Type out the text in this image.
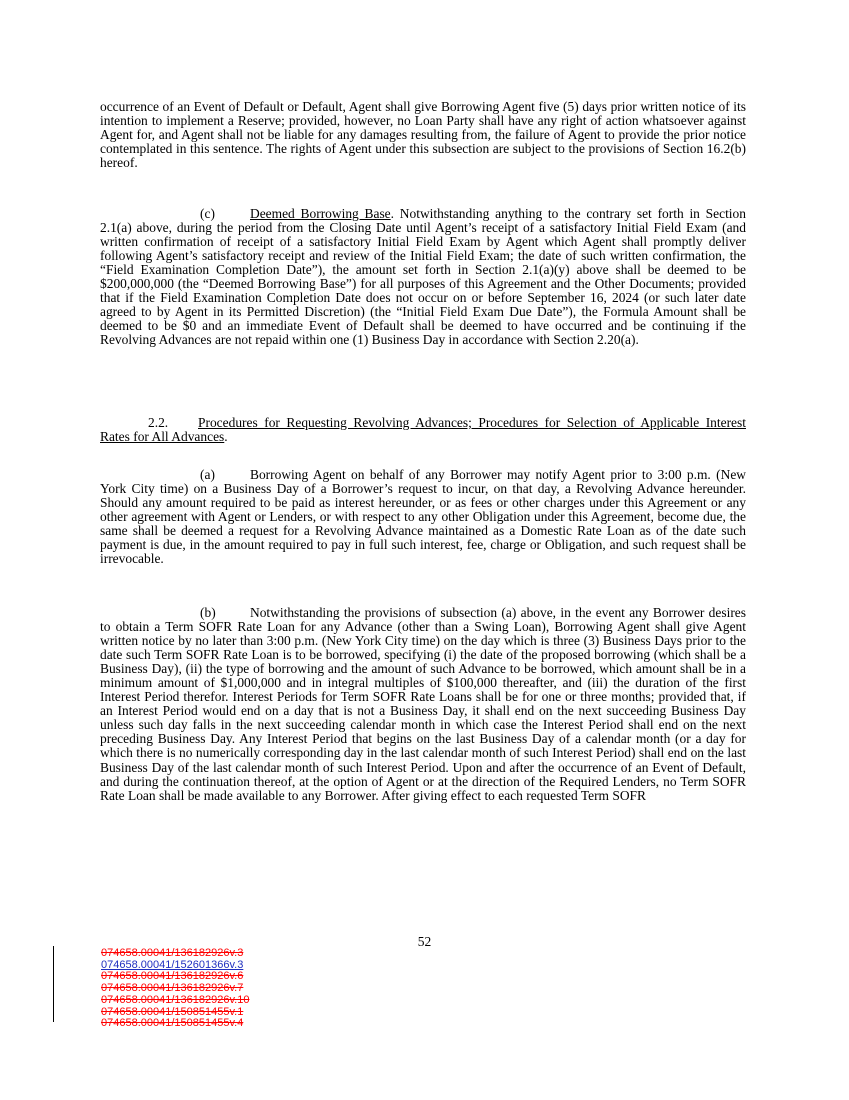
occurrence of an Event of Default or Default, Agent shall give Borrowing Agent five (5) days prior written notice of its intention to implement a Reserve; provided, however, no Loan Party shall have any right of action whatsoever against Agent for, and Agent shall not be liable for any damages resulting from, the failure of Agent to provide the prior notice contemplated in this sentence. The rights of Agent under this subsection are subject to the provisions of Section 16.2(b) hereof.

(c)	Deemed Borrowing Base. Notwithstanding anything to the contrary set forth in Section 2.1(a) above, during the period from the Closing Date until Agent’s receipt of a satisfactory Initial Field Exam (and written confirmation of receipt of a satisfactory Initial Field Exam by Agent which Agent shall promptly deliver following Agent’s satisfactory receipt and review of the Initial Field Exam; the date of such written confirmation, the “Field Examination Completion Date”), the amount set forth in Section 2.1(a)(y) above shall be deemed to be $200,000,000 (the “Deemed Borrowing Base”) for all purposes of this Agreement and the Other Documents; provided that if the Field Examination Completion Date does not occur on or before September 16, 2024 (or such later date agreed to by Agent in its Permitted Discretion) (the “Initial Field Exam Due Date”), the Formula Amount shall be deemed to be $0 and an immediate Event of Default shall be deemed to have occurred and be continuing if the Revolving Advances are not repaid within one (1) Business Day in accordance with Section 2.20(a).

2.2. Procedures for Requesting Revolving Advances; Procedures for Selection of Applicable Interest Rates for All Advances.

(a)	Borrowing Agent on behalf of any Borrower may notify Agent prior to 3:00 p.m. (New York City time) on a Business Day of a Borrower’s request to incur, on that day, a Revolving Advance hereunder. Should any amount required to be paid as interest hereunder, or as fees or other charges under this Agreement or any other agreement with Agent or Lenders, or with respect to any other Obligation under this Agreement, become due, the same shall be deemed a request for a Revolving Advance maintained as a Domestic Rate Loan as of the date such payment is due, in the amount required to pay in full such interest, fee, charge or Obligation, and such request shall be irrevocable.

(b)	Notwithstanding the provisions of subsection (a) above, in the event any Borrower desires to obtain a Term SOFR Rate Loan for any Advance (other than a Swing Loan), Borrowing Agent shall give Agent written notice by no later than 3:00 p.m. (New York City time) on the day which is three (3) Business Days prior to the date such Term SOFR Rate Loan is to be borrowed, specifying (i) the date of the proposed borrowing (which shall be a Business Day), (ii) the type of borrowing and the amount of such Advance to be borrowed, which amount shall be in a minimum amount of $1,000,000 and in integral multiples of $100,000 thereafter, and (iii) the duration of the first Interest Period therefor. Interest Periods for Term SOFR Rate Loans shall be for one or three months; provided that, if an Interest Period would end on a day that is not a Business Day, it shall end on the next succeeding Business Day unless such day falls in the next succeeding calendar month in which case the Interest Period shall end on the next preceding Business Day. Any Interest Period that begins on the last Business Day of a calendar month (or a day for which there is no numerically corresponding day in the last calendar month of such Interest Period) shall end on the last Business Day of the last calendar month of such Interest Period. Upon and after the occurrence of an Event of Default, and during the continuation thereof, at the option of Agent or at the direction of the Required Lenders, no Term SOFR Rate Loan shall be made available to any Borrower. After giving effect to each requested Term SOFR

52
074658.00041/136182926v.3
074658.00041/152601366v.3
074658.00041/136182926v.6
074658.00041/136182926v.7
074658.00041/136182926v.10
074658.00041/150851455v.1
074658.00041/150851455v.4
